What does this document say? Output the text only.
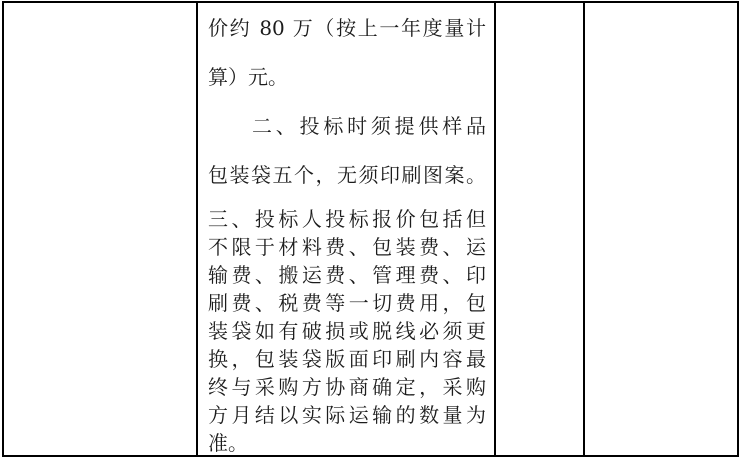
价约 80 万（按上一年度量计
算）元。
二、投标时须提供样品
包装袋五个，无须印刷图案。
三、投标人投标报价包括但
不限于材料费、包装费、运
输费、搬运费、管理费、印
刷费、税费等一切费用，包
装袋如有破损或脱线必须更
换，包装袋版面印刷内容最
终与采购方协商确定，采购
方月结以实际运输的数量为
准。
